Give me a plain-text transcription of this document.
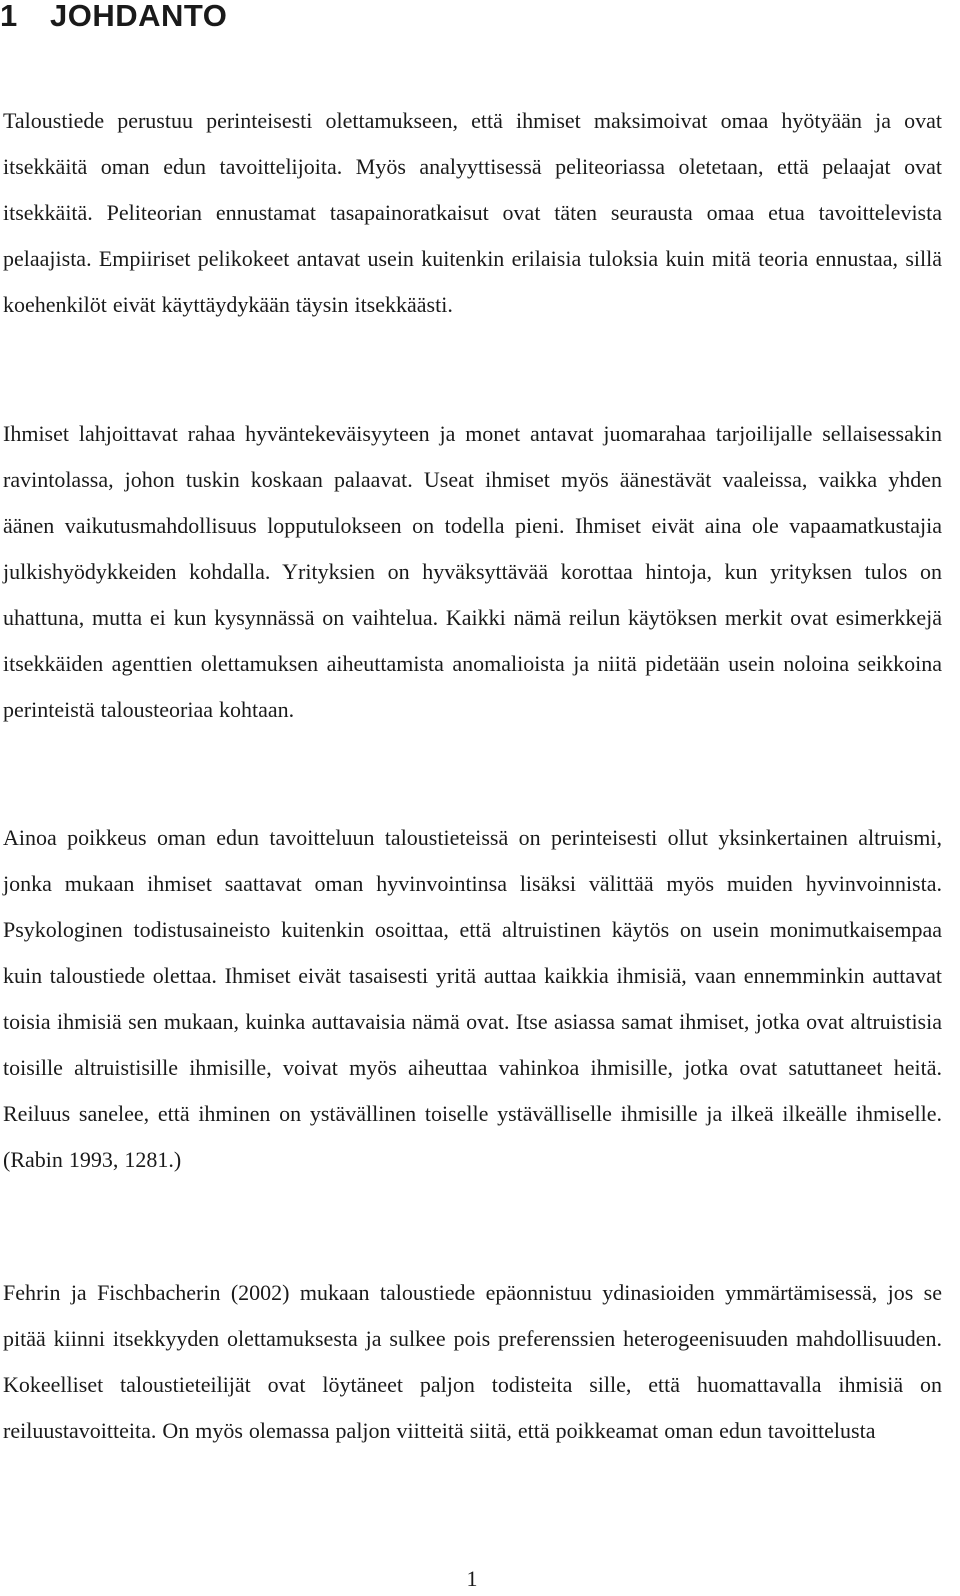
1 JOHDANTO

Taloustiede perustuu perinteisesti olettamukseen, että ihmiset maksimoivat omaa hyötyään ja ovat itsekkäitä oman edun tavoittelijoita. Myös analyyttisessä peliteoriassa oletetaan, että pelaajat ovat itsekkäitä. Peliteorian ennustamat tasapainoratkaisut ovat täten seurausta omaa etua tavoittelevista pelaajista. Empiiriset pelikokeet antavat usein kuitenkin erilaisia tuloksia kuin mitä teoria ennustaa, sillä koehenkilöt eivät käyttäydykään täysin itsekkäästi.

Ihmiset lahjoittavat rahaa hyväntekeväisyyteen ja monet antavat juomarahaa tarjoilijalle sellaisessakin ravintolassa, johon tuskin koskaan palaavat. Useat ihmiset myös äänestävät vaaleissa, vaikka yhden äänen vaikutusmahdollisuus lopputulokseen on todella pieni. Ihmiset eivät aina ole vapaamatkustajia julkishyödykkeiden kohdalla. Yrityksien on hyväksyttävää korottaa hintoja, kun yrityksen tulos on uhattuna, mutta ei kun kysynnässä on vaihtelua. Kaikki nämä reilun käytöksen merkit ovat esimerkkejä itsekkäiden agenttien olettamuksen aiheuttamista anomalioista ja niitä pidetään usein noloina seikkoina perinteistä talousteoriaa kohtaan.

Ainoa poikkeus oman edun tavoitteluun taloustieteissä on perinteisesti ollut yksinkertainen altruismi, jonka mukaan ihmiset saattavat oman hyvinvointinsa lisäksi välittää myös muiden hyvinvoinnista. Psykologinen todistusaineisto kuitenkin osoittaa, että altruistinen käytös on usein monimutkaisempaa kuin taloustiede olettaa. Ihmiset eivät tasaisesti yritä auttaa kaikkia ihmisiä, vaan ennemminkin auttavat toisia ihmisiä sen mukaan, kuinka auttavaisia nämä ovat. Itse asiassa samat ihmiset, jotka ovat altruistisia toisille altruistisille ihmisille, voivat myös aiheuttaa vahinkoa ihmisille, jotka ovat satuttaneet heitä. Reiluus sanelee, että ihminen on ystävällinen toiselle ystävälliselle ihmisille ja ilkeä ilkeälle ihmiselle. (Rabin 1993, 1281.)

Fehrin ja Fischbacherin (2002) mukaan taloustiede epäonnistuu ydinasioiden ymmärtämisessä, jos se pitää kiinni itsekkyyden olettamuksesta ja sulkee pois preferenssien heterogeenisuuden mahdollisuuden. Kokeelliset taloustieteilijät ovat löytäneet paljon todisteita sille, että huomattavalla ihmisiä on reiluustavoitteita. On myös olemassa paljon viitteitä siitä, että poikkeamat oman edun tavoittelusta

1
